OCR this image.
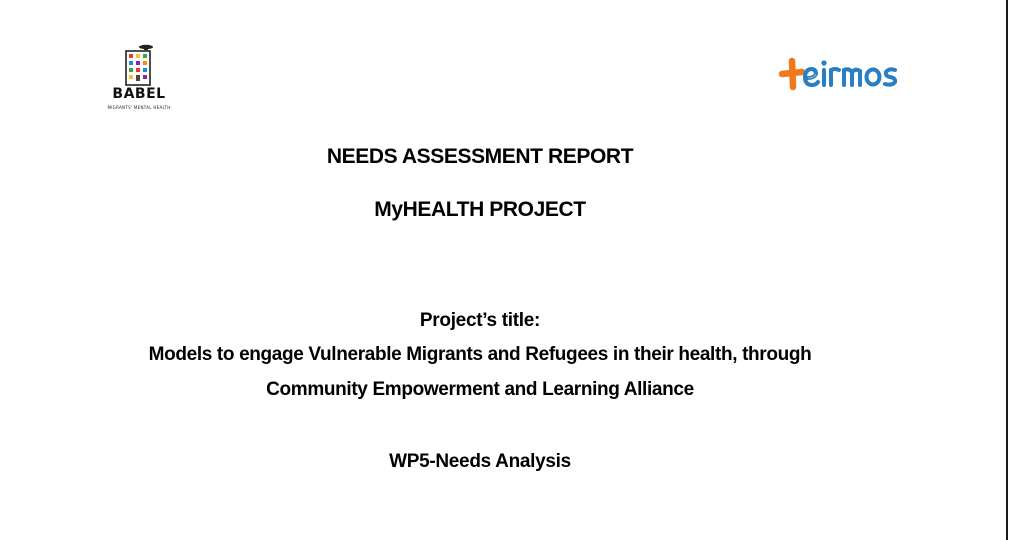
BABEL
MIGRANTS' MENTAL HEALTH
NEEDS ASSESSMENT REPORT
MyHEALTH PROJECT
Project’s title:
Models to engage Vulnerable Migrants and Refugees in their health, through
Community Empowerment and Learning Alliance
WP5-Needs Analysis
